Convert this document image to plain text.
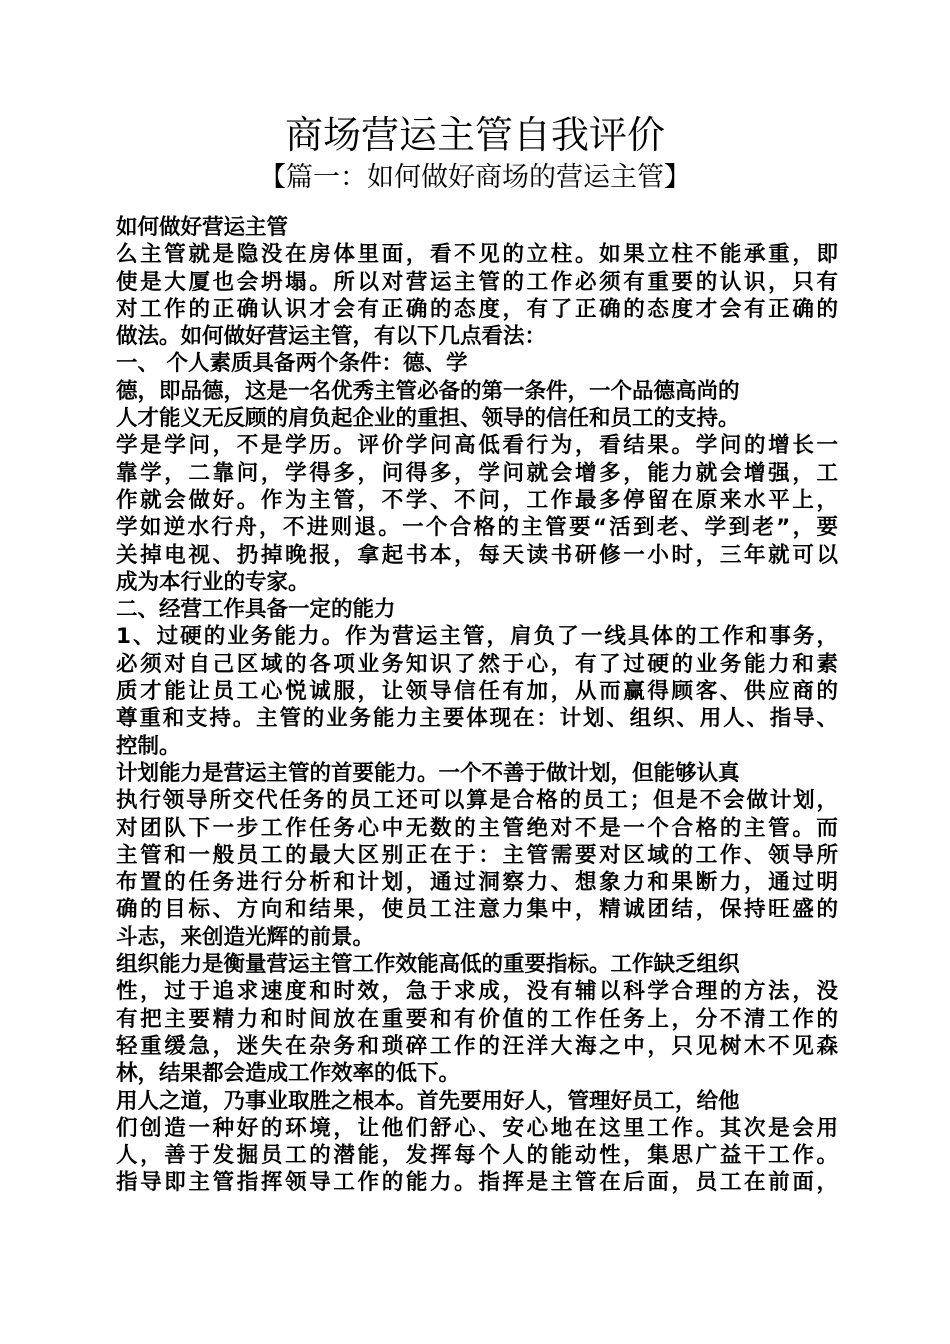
商场营运主管自我评价
【篇一：如何做好商场的营运主管】
如何做好营运主管
么主管就是隐没在房体里面，看不见的立柱。如果立柱不能承重，即
使是大厦也会坍塌。所以对营运主管的工作必须有重要的认识，只有
对工作的正确认识才会有正确的态度，有了正确的态度才会有正确的
做法。如何做好营运主管，有以下几点看法：
一、 个人素质具备两个条件：德、学
德，即品德，这是一名优秀主管必备的第一条件，一个品德高尚的
人才能义无反顾的肩负起企业的重担、领导的信任和员工的支持。
学是学问，不是学历。评价学问高低看行为，看结果。学问的增长一
靠学，二靠问，学得多，问得多，学问就会增多，能力就会增强，工
作就会做好。作为主管，不学、不问，工作最多停留在原来水平上，
学如逆水行舟，不进则退。一个合格的主管要“活到老、学到老”，要
关掉电视、扔掉晚报，拿起书本，每天读书研修一小时，三年就可以
成为本行业的专家。
二、经营工作具备一定的能力
1、过硬的业务能力。作为营运主管，肩负了一线具体的工作和事务，
必须对自己区域的各项业务知识了然于心，有了过硬的业务能力和素
质才能让员工心悦诚服，让领导信任有加，从而赢得顾客、供应商的
尊重和支持。主管的业务能力主要体现在：计划、组织、用人、指导、
控制。
计划能力是营运主管的首要能力。一个不善于做计划，但能够认真
执行领导所交代任务的员工还可以算是合格的员工；但是不会做计划，
对团队下一步工作任务心中无数的主管绝对不是一个合格的主管。而
主管和一般员工的最大区别正在于：主管需要对区域的工作、领导所
布置的任务进行分析和计划，通过洞察力、想象力和果断力，通过明
确的目标、方向和结果，使员工注意力集中，精诚团结，保持旺盛的
斗志，来创造光辉的前景。
组织能力是衡量营运主管工作效能高低的重要指标。工作缺乏组织
性，过于追求速度和时效，急于求成，没有辅以科学合理的方法，没
有把主要精力和时间放在重要和有价值的工作任务上，分不清工作的
轻重缓急，迷失在杂务和琐碎工作的汪洋大海之中，只见树木不见森
林，结果都会造成工作效率的低下。
用人之道，乃事业取胜之根本。首先要用好人，管理好员工，给他
们创造一种好的环境，让他们舒心、安心地在这里工作。其次是会用
人，善于发掘员工的潜能，发挥每个人的能动性，集思广益干工作。
指导即主管指挥领导工作的能力。指挥是主管在后面，员工在前面，
